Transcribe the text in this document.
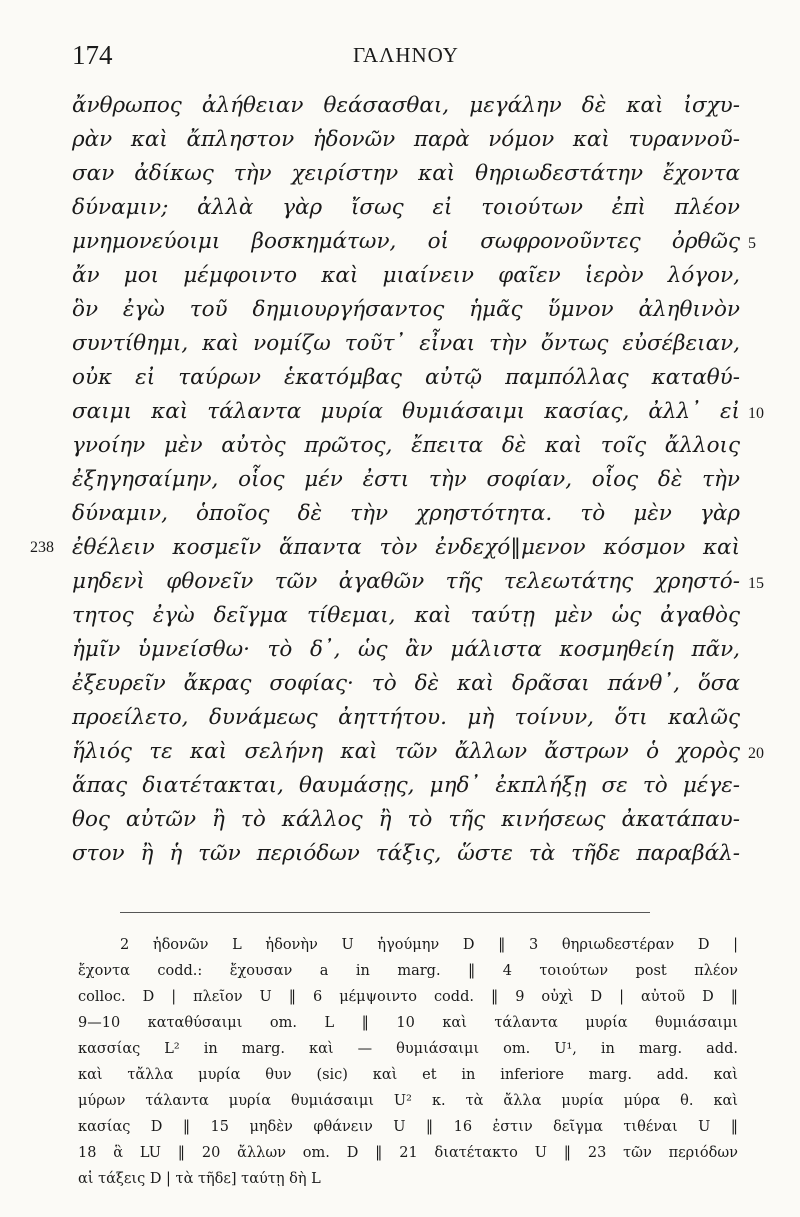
174	ΓΑΛΗΝΟΥ
ἄνθρωπος ἀλήθειαν θεάσασθαι, μεγάλην δὲ καὶ ἰσχυ-
ρὰν καὶ ἄπληστον ἡδονῶν παρὰ νόμον καὶ τυραννοῦ-
σαν ἀδίκως τὴν χειρίστην καὶ θηριωδεστάτην ἔχοντα
δύναμιν; ἀλλὰ γὰρ ἴσως εἰ τοιούτων ἐπὶ πλέον
μνημονεύοιμι βοσκημάτων, οἱ σωφρονοῦντες ὀρθῶς 5
ἄν μοι μέμφοιντο καὶ μιαίνειν φαῖεν ἱερὸν λόγον,
ὃν ἐγὼ τοῦ δημιουργήσαντος ἡμᾶς ὕμνον ἀληθινὸν
συντίθημι, καὶ νομίζω τοῦτ᾽ εἶναι τὴν ὄντως εὐσέβειαν,
οὐκ εἰ ταύρων ἑκατόμβας αὐτῷ παμπόλλας καταθύ-
σαιμι καὶ τάλαντα μυρία θυμιάσαιμι κασίας, ἀλλ᾽ εἰ 10
γνοίην μὲν αὐτὸς πρῶτος, ἔπειτα δὲ καὶ τοῖς ἄλλοις
ἐξηγησαίμην, οἷος μέν ἐστι τὴν σοφίαν, οἷος δὲ τὴν
δύναμιν, ὁποῖος δὲ τὴν χρηστότητα. τὸ μὲν γὰρ
238 ἐθέλειν κοσμεῖν ἅπαντα τὸν ἐνδεχό‖μενον κόσμον καὶ
μηδενὶ φθονεῖν τῶν ἀγαθῶν τῆς τελεωτάτης χρηστό- 15
τητος ἐγὼ δεῖγμα τίθεμαι, καὶ ταύτῃ μὲν ὡς ἀγαθὸς
ἡμῖν ὑμνείσθω· τὸ δ᾽, ὡς ἂν μάλιστα κοσμηθείη πᾶν,
ἐξευρεῖν ἄκρας σοφίας· τὸ δὲ καὶ δρᾶσαι πάνθ᾽, ὅσα
προείλετο, δυνάμεως ἀηττήτου. μὴ τοίνυν, ὅτι καλῶς
ἥλιός τε καὶ σελήνη καὶ τῶν ἄλλων ἄστρων ὁ χορὸς 20
ἅπας διατέτακται, θαυμάσῃς, μηδ᾽ ἐκπλήξῃ σε τὸ μέγε-
θος αὐτῶν ἢ τὸ κάλλος ἢ τὸ τῆς κινήσεως ἀκατάπαυ-
στον ἢ ἡ τῶν περιόδων τάξις, ὥστε τὰ τῆδε παραβάλ-
2 ἡδονῶν L ἡδονὴν U ἡγούμην D ‖ 3 θηριωδεστέραν D |
ἔχοντα codd.: ἔχουσαν a in marg. ‖ 4 τοιούτων post πλέον
colloc. D | πλεῖον U ‖ 6 μέμψοιντο codd. ‖ 9 οὐχὶ D | αὐτοῦ D ‖
9—10 καταθύσαιμι om. L ‖ 10 καὶ τάλαντα μυρία θυμιάσαιμι
κασσίας L² in marg. καὶ — θυμιάσαιμι om. U¹, in marg. add.
καὶ τἄλλα μυρία θυν (sic) καὶ et in inferiore marg. add. καὶ
μύρων τάλαντα μυρία θυμιάσαιμι U² κ. τὰ ἄλλα μυρία μύρα θ. καὶ
κασίας D ‖ 15 μηδὲν φθάνειν U ‖ 16 ἐστιν δεῖγμα τιθέναι U ‖
18 ἃ LU ‖ 20 ἄλλων om. D ‖ 21 διατέτακτο U ‖ 23 τῶν περιόδων
αἱ τάξεις D | τὰ τῆδε] ταύτῃ δὴ L
